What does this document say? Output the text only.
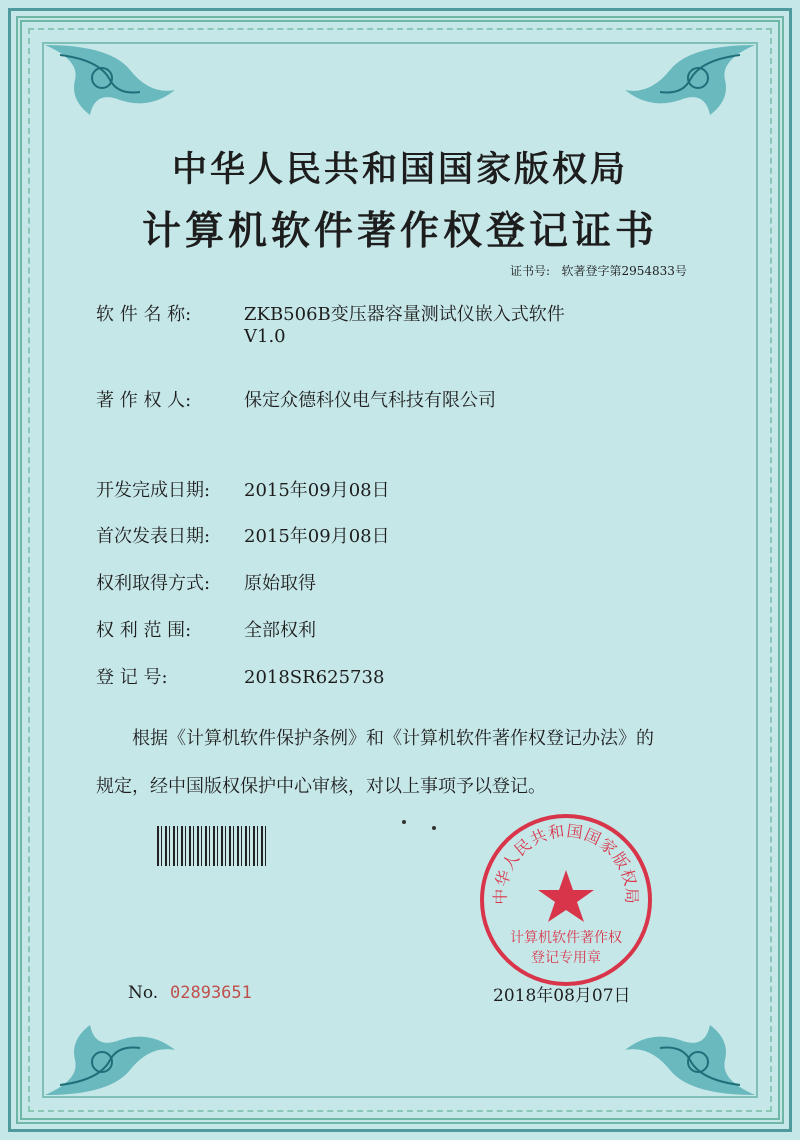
中华人民共和国国家版权局
计算机软件著作权登记证书
证书号: 软著登字第2954833号
软 件 名 称:	ZKB506B变压器容量测试仪嵌入式软件
V1.0
著 作 权 人:	保定众德科仪电气科技有限公司
开发完成日期: 2015年09月08日
首次发表日期: 2015年09月08日
权利取得方式: 原始取得
权 利 范 围:	全部权利
登 记 号:	2018SR625738
根据《计算机软件保护条例》和《计算机软件著作权登记办法》的
规定，经中国版权保护中心审核，对以上事项予以登记。
中华人民共和国国家版权局
计算机软件著作权
登记专用章
No. 02893651	2018年08月07日
